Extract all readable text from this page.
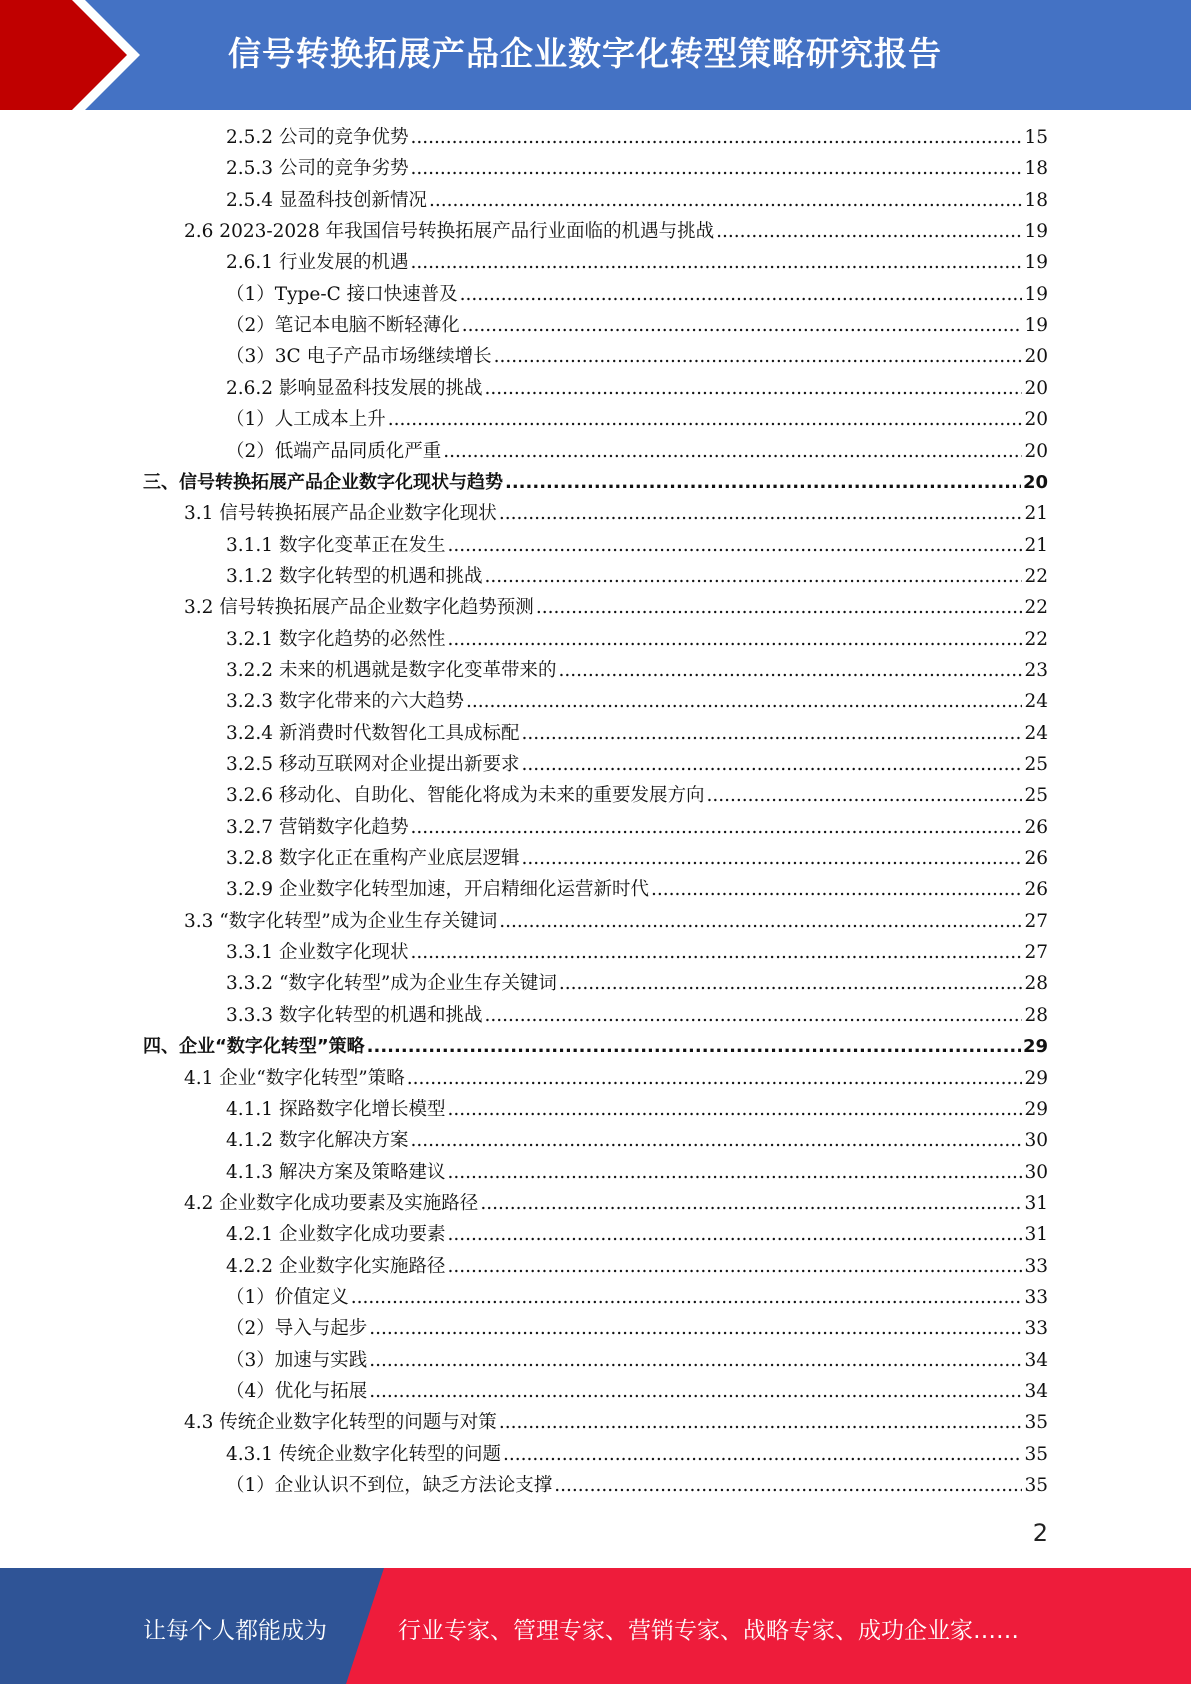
信号转换拓展产品企业数字化转型策略研究报告
2.5.2 公司的竞争优势 .....	15
2.5.3 公司的竞争劣势 .....	18
2.5.4 显盈科技创新情况 .....	18
2.6 2023-2028 年我国信号转换拓展产品行业面临的机遇与挑战 .....	19
2.6.1 行业发展的机遇 .....	19
（1）Type-C 接口快速普及 .....	19
（2）笔记本电脑不断轻薄化 .....	19
（3）3C 电子产品市场继续增长 .....	20
2.6.2 影响显盈科技发展的挑战 .....	20
（1）人工成本上升 .....	20
（2）低端产品同质化严重 .....	20
三、信号转换拓展产品企业数字化现状与趋势 .....	20
3.1 信号转换拓展产品企业数字化现状 .....	21
3.1.1 数字化变革正在发生 .....	21
3.1.2 数字化转型的机遇和挑战 .....	22
3.2 信号转换拓展产品企业数字化趋势预测 .....	22
3.2.1 数字化趋势的必然性 .....	22
3.2.2 未来的机遇就是数字化变革带来的 .....	23
3.2.3 数字化带来的六大趋势 .....	24
3.2.4 新消费时代数智化工具成标配 .....	24
3.2.5 移动互联网对企业提出新要求 .....	25
3.2.6 移动化、自助化、智能化将成为未来的重要发展方向 .....	25
3.2.7 营销数字化趋势 .....	26
3.2.8 数字化正在重构产业底层逻辑 .....	26
3.2.9 企业数字化转型加速，开启精细化运营新时代 .....	26
3.3 “数字化转型”成为企业生存关键词 .....	27
3.3.1 企业数字化现状 .....	27
3.3.2 “数字化转型”成为企业生存关键词 .....	28
3.3.3 数字化转型的机遇和挑战 .....	28
四、企业“数字化转型”策略 .....	29
4.1 企业“数字化转型”策略 .....	29
4.1.1 探路数字化增长模型 .....	29
4.1.2 数字化解决方案 .....	30
4.1.3 解决方案及策略建议 .....	30
4.2 企业数字化成功要素及实施路径 .....	31
4.2.1 企业数字化成功要素 .....	31
4.2.2 企业数字化实施路径 .....	33
（1）价值定义 .....	33
（2）导入与起步 .....	33
（3）加速与实践 .....	34
（4）优化与拓展 .....	34
4.3 传统企业数字化转型的问题与对策 .....	35
4.3.1 传统企业数字化转型的问题 .....	35
（1）企业认识不到位，缺乏方法论支撑 .....	35
2
让每个人都能成为	行业专家、管理专家、营销专家、战略专家、成功企业家……
